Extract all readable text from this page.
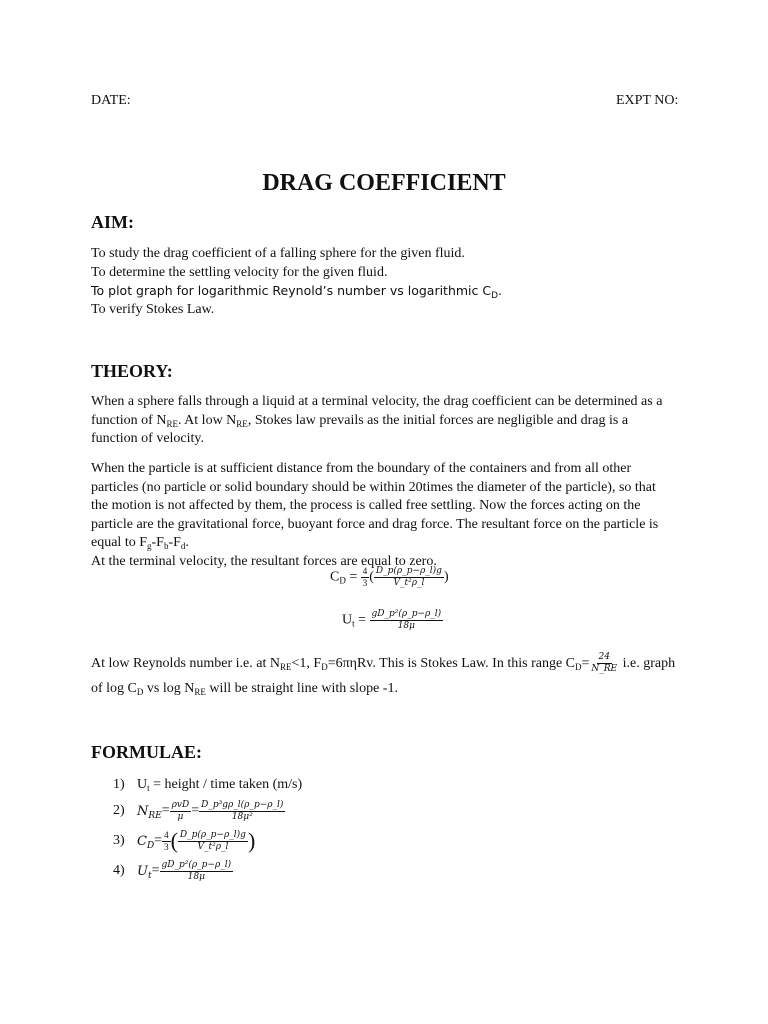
DATE:	EXPT NO:
DRAG COEFFICIENT
AIM:
To study the drag coefficient of a falling sphere for the given fluid.
To determine the settling velocity for the given fluid.
To plot graph for logarithmic Reynold’s number vs logarithmic $C_D$.
To verify Stokes Law.
THEORY:
When a sphere falls through a liquid at a terminal velocity, the drag coefficient can be determined as a function of $N_{RE}$. At low $N_{RE}$, Stokes law prevails as the initial forces are negligible and drag is a function of velocity.
When the particle is at sufficient distance from the boundary of the containers and from all other particles (no particle or solid boundary should be within 20times the diameter of the particle), so that the motion is not affected by them, the process is called free settling. Now the forces acting on the particle are the gravitational force, buoyant force and drag force. The resultant force on the particle is equal to $F_g-F_b-F_d$.
At the terminal velocity, the resultant forces are equal to zero.
$C_D = \frac{4}{3}$ ( $\frac{D\_p(\rho\_p-\rho\_l)g}{\text{V\_t²ρ\_l}}$ )
$U_t = \frac{\text{gD\_p²(ρ\_p−ρ\_l)}}{18\mu}$
At low Reynolds number i.e. at $N_{RE}<1$, $F_D=6\pi\eta Rv$. This is Stokes Law. In this range $C_D= \frac{24}{N\_RE} i.e$. graph of $\log C_D$ vs $\log N_{RE}$ will be straight line with slope -1.
FORMULAE:
1) $U_t$ = height / time taken (m/s)
2) $N_{RE} = \frac{\text{ρvD}}{\mu} = \frac{\text{D\_p³gρ\_l(ρ\_p−ρ\_l)}}{\text{18μ²}}$
3) $C_D = \frac{4}{3}$ ( $\frac{D\_p(\rho\_p-\rho\_l)g}{\text{V\_t²ρ\_l}}$ )
4) $U_t = \frac{\text{gD\_p²(ρ\_p−ρ\_l)}}{18\mu}$
